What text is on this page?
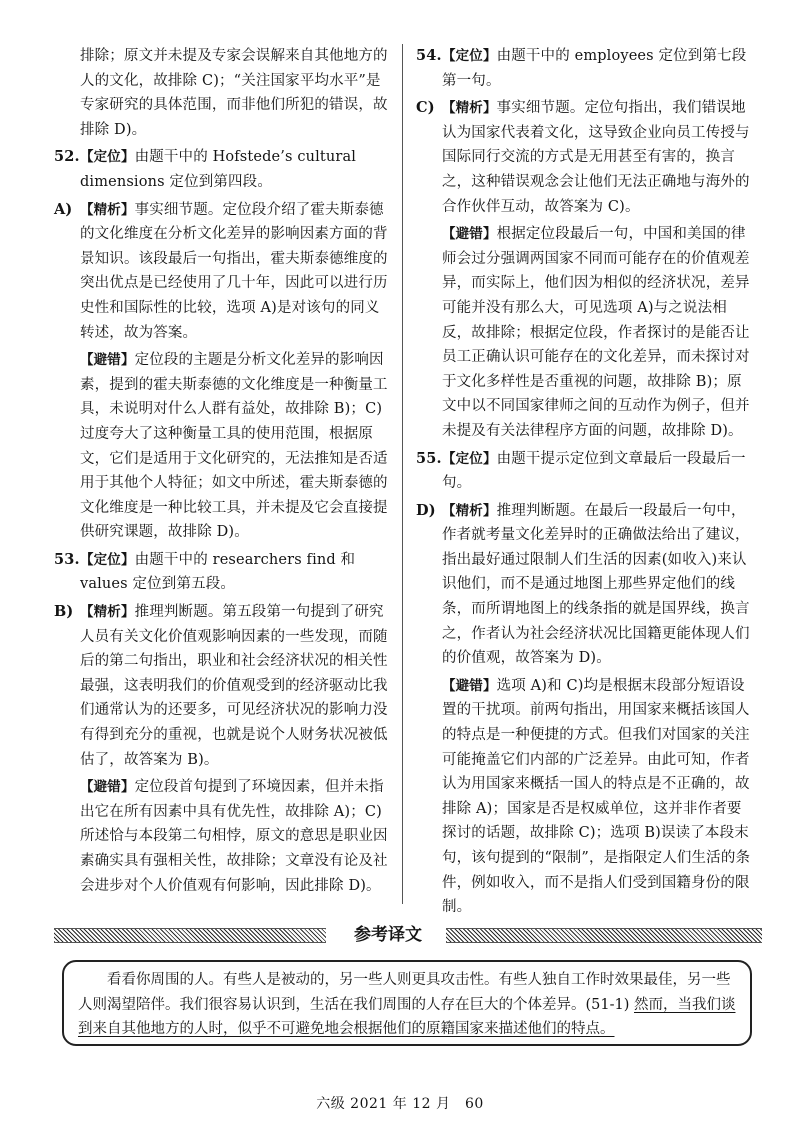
排除；原文并未提及专家会误解来自其他地方的人的文化，故排除 C)；“关注国家平均水平”是专家研究的具体范围，而非他们所犯的错误，故排除 D)。

52. 【定位】由题干中的 Hofstede’s cultural dimensions 定位到第四段。
A) 【精析】事实细节题。定位段介绍了霍夫斯泰德的文化维度在分析文化差异的影响因素方面的背景知识。该段最后一句指出，霍夫斯泰德维度的突出优点是已经使用了几十年，因此可以进行历史性和国际性的比较，选项 A)是对该句的同义转述，故为答案。
【避错】定位段的主题是分析文化差异的影响因素，提到的霍夫斯泰德的文化维度是一种衡量工具，未说明对什么人群有益处，故排除 B)；C)过度夸大了这种衡量工具的使用范围，根据原文，它们是适用于文化研究的，无法推知是否适用于其他个人特征；如文中所述，霍夫斯泰德的文化维度是一种比较工具，并未提及它会直接提供研究课题，故排除 D)。
53. 【定位】由题干中的 researchers find 和 values 定位到第五段。
B) 【精析】推理判断题。第五段第一句提到了研究人员有关文化价值观影响因素的一些发现，而随后的第二句指出，职业和社会经济状况的相关性最强，这表明我们的价值观受到的经济驱动比我们通常认为的还要多，可见经济状况的影响力没有得到充分的重视，也就是说个人财务状况被低估了，故答案为 B)。
【避错】定位段首句提到了环境因素，但并未指出它在所有因素中具有优先性，故排除 A)；C)所述恰与本段第二句相悖，原文的意思是职业因素确实具有强相关性，故排除；文章没有论及社会进步对个人价值观有何影响，因此排除 D)。
54. 【定位】由题干中的 employees 定位到第七段第一句。
C) 【精析】事实细节题。定位句指出，我们错误地认为国家代表着文化，这导致企业向员工传授与国际同行交流的方式是无用甚至有害的，换言之，这种错误观念会让他们无法正确地与海外的合作伙伴互动，故答案为 C)。
【避错】根据定位段最后一句，中国和美国的律师会过分强调两国家不同而可能存在的价值观差异，而实际上，他们因为相似的经济状况，差异可能并没有那么大，可见选项 A)与之说法相反，故排除；根据定位段，作者探讨的是能否让员工正确认识可能存在的文化差异，而未探讨对于文化多样性是否重视的问题，故排除 B)；原文中以不同国家律师之间的互动作为例子，但并未提及有关法律程序方面的问题，故排除 D)。
55. 【定位】由题干提示定位到文章最后一段最后一句。
D) 【精析】推理判断题。在最后一段最后一句中，作者就考量文化差异时的正确做法给出了建议，指出最好通过限制人们生活的因素(如收入)来认识他们，而不是通过地图上那些界定他们的线条，而所谓地图上的线条指的就是国界线，换言之，作者认为社会经济状况比国籍更能体现人们的价值观，故答案为 D)。
【避错】选项 A)和 C)均是根据末段部分短语设置的干扰项。前两句指出，用国家来概括该国人的特点是一种便捷的方式。但我们对国家的关注可能掩盖它们内部的广泛差异。由此可知，作者认为用国家来概括一国人的特点是不正确的，故排除 A)；国家是否是权威单位，这并非作者要探讨的话题，故排除 C)；选项 B)误读了本段末句，该句提到的“限制”，是指限定人们生活的条件，例如收入，而不是指人们受到国籍身份的限制。
参考译文
看看你周围的人。有些人是被动的，另一些人则更具攻击性。有些人独自工作时效果最佳，另一些人则渴望陪伴。我们很容易认识到，生活在我们周围的人存在巨大的个体差异。(51-1) 然而，当我们谈到来自其他地方的人时，似乎不可避免地会根据他们的原籍国家来描述他们的特点。
六级 2021 年 12 月　60
